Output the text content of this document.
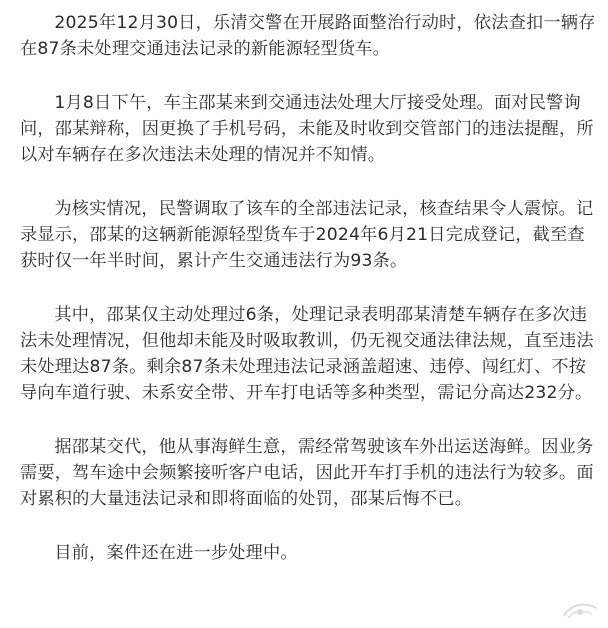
2025年12月30日，乐清交警在开展路面整治行动时，依法查扣一辆存在87条未处理交通违法记录的新能源轻型货车。

1月8日下午，车主邵某来到交通违法处理大厅接受处理。面对民警询问，邵某辩称，因更换了手机号码，未能及时收到交管部门的违法提醒，所以对车辆存在多次违法未处理的情况并不知情。

为核实情况，民警调取了该车的全部违法记录，核查结果令人震惊。记录显示，邵某的这辆新能源轻型货车于2024年6月21日完成登记，截至查获时仅一年半时间，累计产生交通违法行为93条。

其中，邵某仅主动处理过6条，处理记录表明邵某清楚车辆存在多次违法未处理情况，但他却未能及时吸取教训，仍无视交通法律法规，直至违法未处理达87条。剩余87条未处理违法记录涵盖超速、违停、闯红灯、不按导向车道行驶、未系安全带、开车打电话等多种类型，需记分高达232分。

据邵某交代，他从事海鲜生意，需经常驾驶该车外出运送海鲜。因业务需要，驾车途中会频繁接听客户电话，因此开车打手机的违法行为较多。面对累积的大量违法记录和即将面临的处罚，邵某后悔不已。

目前，案件还在进一步处理中。
